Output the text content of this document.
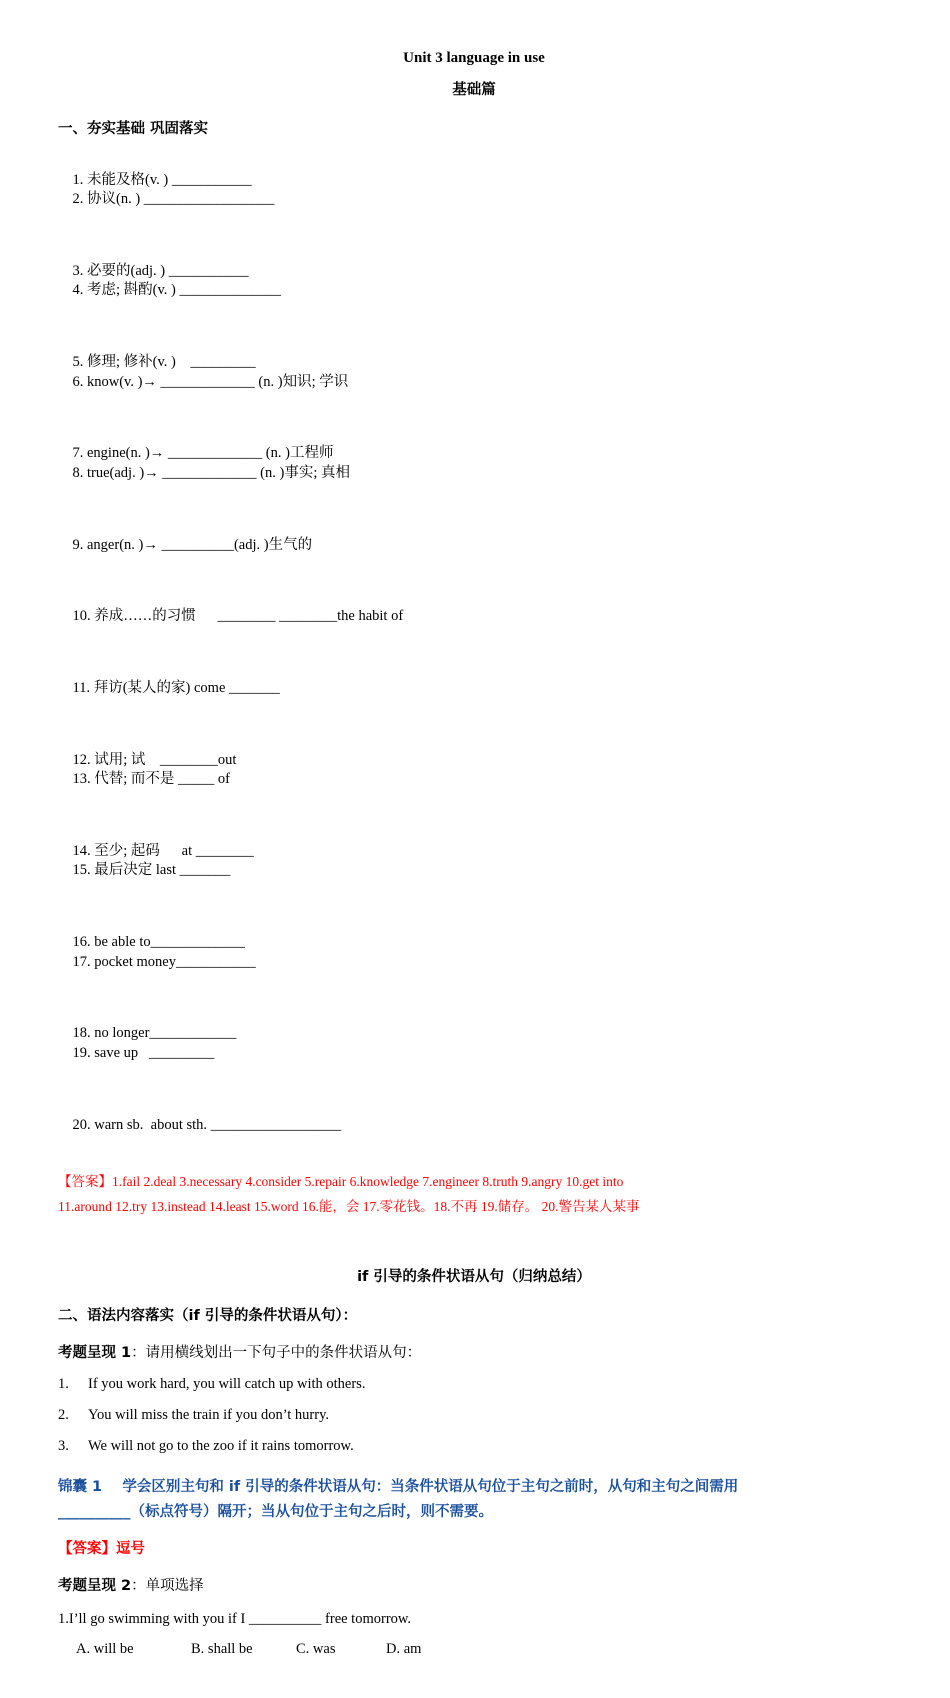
Unit 3 language in use
基础篇
一、夯实基础 巩固落实

1. 未能及格(v. ) ___________
2. 协议(n. ) __________________

3. 必要的(adj. ) ___________
4. 考虑; 斟酌(v. ) ______________

5. 修理; 修补(v. )    _________
6. know(v. )→ _____________ (n. )知识; 学识

7. engine(n. )→ _____________ (n. )工程师
8. true(adj. )→ _____________ (n. )事实; 真相

9. anger(n. )→ __________(adj. )生气的

10. 养成……的习惯      ________ ________the habit of

11. 拜访(某人的家) come _______

12. 试用; 试    ________out
13. 代替; 而不是 _____ of

14. 至少; 起码      at ________
15. 最后决定 last _______

16. be able to_____________
17. pocket money___________

18. no longer____________
19. save up   _________

20. warn sb.  about sth. __________________

【答案】1.fail 2.deal 3.necessary 4.consider 5.repair 6.knowledge 7.engineer 8.truth 9.angry 10.get into
11.around 12.try 13.instead 14.least 15.word 16.能，会 17.零花钱。18.不再 19.储存。 20.警告某人某事
if 引导的条件状语从句（归纳总结）
二、语法内容落实（if 引导的条件状语从句）：
考题呈现 1：请用横线划出一下句子中的条件状语从句：
1. If you work hard, you will catch up with others.
2. You will miss the train if you don’t hurry.
3. We will not go to the zoo if it rains tomorrow.
锦囊 1 学会区别主句和 if 引导的条件状语从句：当条件状语从句位于主句之前时，从句和主句之间需用
__________（标点符号）隔开；当从句位于主句之后时，则不需要。
【答案】逗号
考题呈现 2：单项选择
1.I’ll go swimming with you if I __________ free tomorrow.
A. will be	B. shall be	C. was	D. am
